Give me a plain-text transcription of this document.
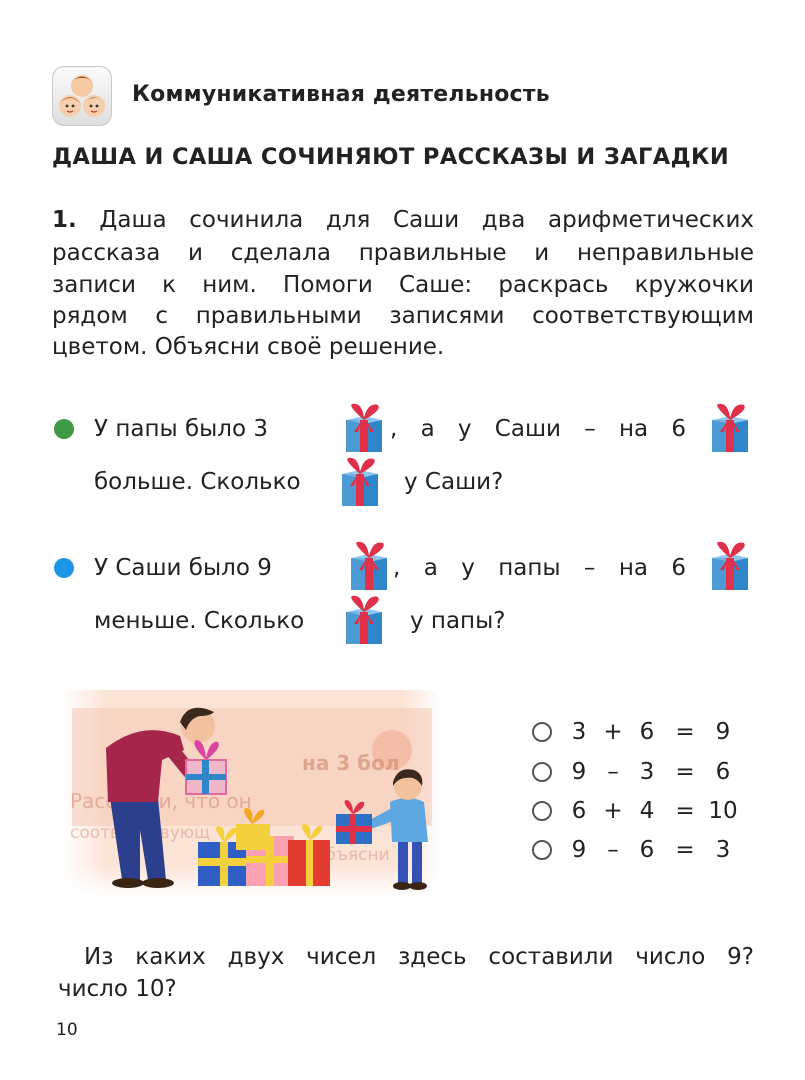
Коммуникативная деятельность
ДАША И САША СОЧИНЯЮТ РАССКАЗЫ И ЗАГАДКИ
1. Даша сочинила для Саши два арифметических
рассказа и сделала правильные и неправильные
записи к ним. Помоги Саше: раскрась кружочки
рядом с правильными записями соответствующим
цветом. Объясни своё решение.
У папы было 3	, а у Саши – на 6
больше. Сколько	у Саши?
У Саши было 9	, а у папы – на 6
меньше. Сколько	у папы?
3 + 6 = 9
9 – 3 = 6
6 + 4 = 10
9 – 6 = 3
Из каких двух чисел здесь составили число 9?
число 10?
10
